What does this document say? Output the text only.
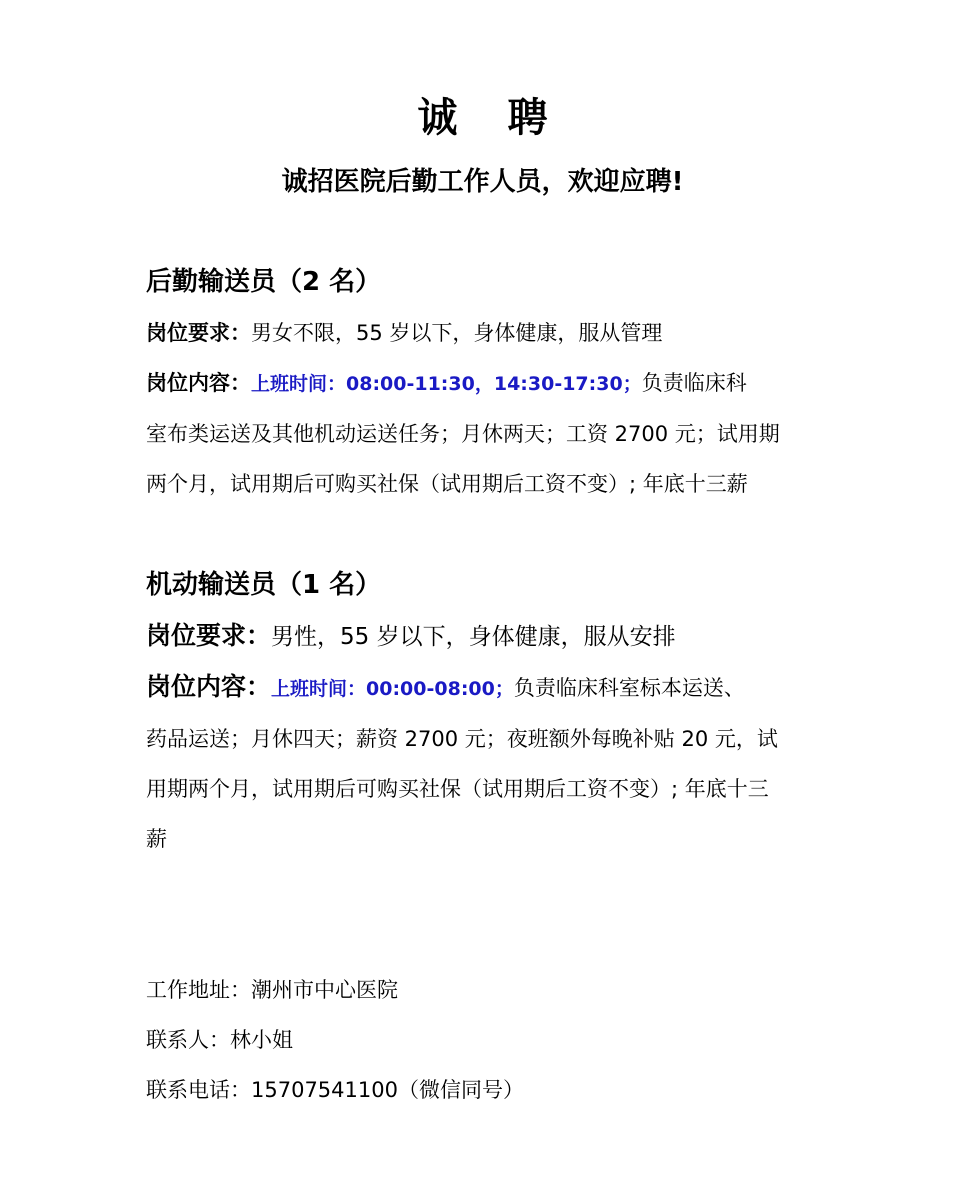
诚 聘
诚招医院后勤工作人员，欢迎应聘!
后勤输送员（2 名）
岗位要求：男女不限，55 岁以下，身体健康，服从管理
岗位内容：上班时间：08:00-11:30，14:30-17:30；负责临床科
室布类运送及其他机动运送任务；月休两天；工资 2700 元；试用期
两个月，试用期后可购买社保（试用期后工资不变）; 年底十三薪
机动输送员（1 名）
岗位要求：男性，55 岁以下，身体健康，服从安排
岗位内容：上班时间：00:00-08:00；负责临床科室标本运送、
药品运送；月休四天；薪资 2700 元；夜班额外每晚补贴 20 元，试
用期两个月，试用期后可购买社保（试用期后工资不变）; 年底十三
薪
工作地址：潮州市中心医院
联系人：林小姐
联系电话：15707541100（微信同号）
